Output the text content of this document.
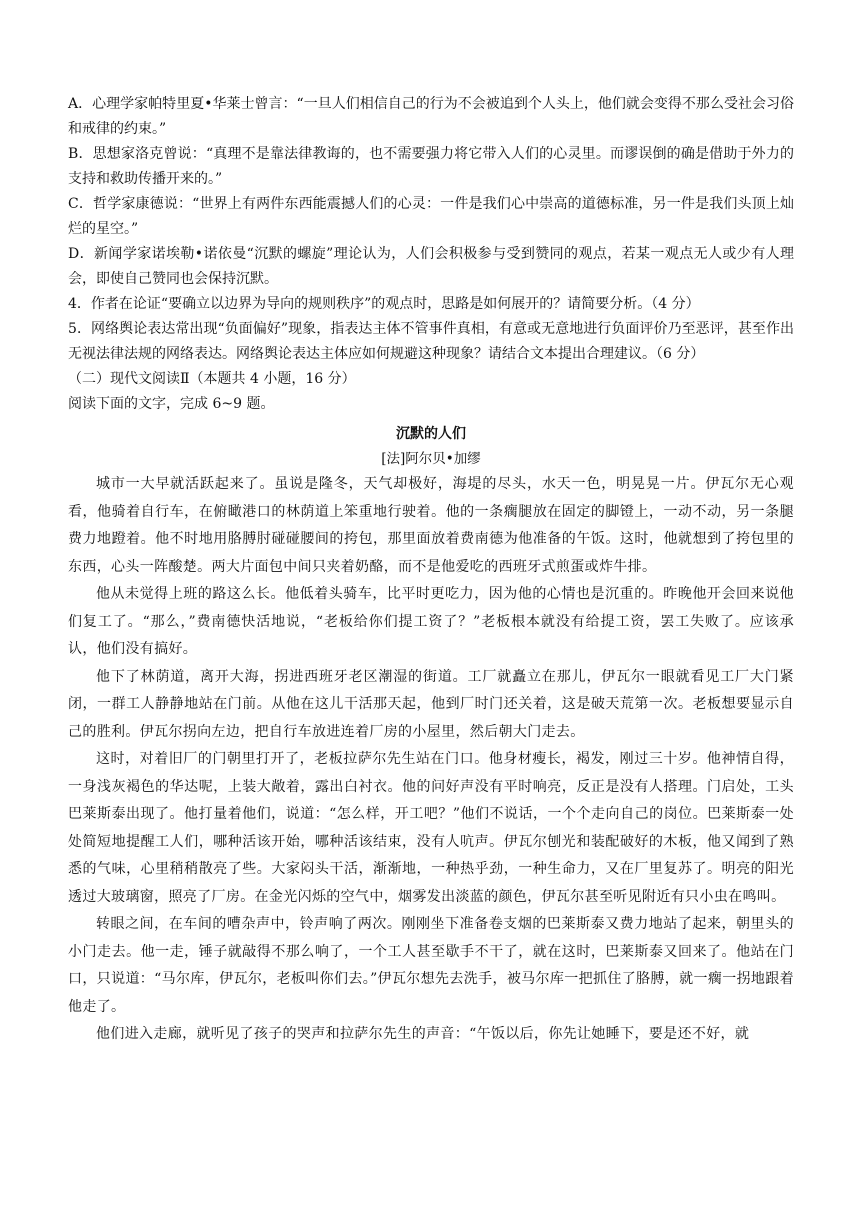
A．心理学家帕特里夏•华莱士曾言：“一旦人们相信自己的行为不会被追到个人头上，他们就会变得不那么受社会习俗和戒律的约束。”

B．思想家洛克曾说：“真理不是靠法律教诲的，也不需要强力将它带入人们的心灵里。而谬误倒的确是借助于外力的支持和救助传播开来的。”

C．哲学家康德说：“世界上有两件东西能震撼人们的心灵：一件是我们心中崇高的道德标准，另一件是我们头顶上灿烂的星空。”

D．新闻学家诺埃勒•诺依曼“沉默的螺旋”理论认为，人们会积极参与受到赞同的观点，若某一观点无人或少有人理会，即使自己赞同也会保持沉默。

4．作者在论证“要确立以边界为导向的规则秩序”的观点时，思路是如何展开的？请简要分析。（4 分）

5．网络舆论表达常出现“负面偏好”现象，指表达主体不管事件真相，有意或无意地进行负面评价乃至恶评，甚至作出无视法律法规的网络表达。网络舆论表达主体应如何规避这种现象？请结合文本提出合理建议。（6 分）

（二）现代文阅读Ⅱ（本题共 4 小题，16 分）

阅读下面的文字，完成 6~9 题。

沉默的人们

[法]阿尔贝•加缪

城市一大早就活跃起来了。虽说是隆冬，天气却极好，海堤的尽头，水天一色，明晃晃一片。伊瓦尔无心观看，他骑着自行车，在俯瞰港口的林荫道上笨重地行驶着。他的一条瘸腿放在固定的脚镫上，一动不动，另一条腿费力地蹬着。他不时地用胳膊肘碰碰腰间的挎包，那里面放着费南德为他准备的午饭。这时，他就想到了挎包里的东西，心头一阵酸楚。两大片面包中间只夹着奶酪，而不是他爱吃的西班牙式煎蛋或炸牛排。

他从未觉得上班的路这么长。他低着头骑车，比平时更吃力，因为他的心情也是沉重的。昨晚他开会回来说他们复工了。“那么，”费南德快活地说，“老板给你们提工资了？”老板根本就没有给提工资，罢工失败了。应该承认，他们没有搞好。

他下了林荫道，离开大海，拐进西班牙老区潮湿的街道。工厂就矗立在那儿，伊瓦尔一眼就看见工厂大门紧闭，一群工人静静地站在门前。从他在这儿干活那天起，他到厂时门还关着，这是破天荒第一次。老板想要显示自己的胜利。伊瓦尔拐向左边，把自行车放进连着厂房的小屋里，然后朝大门走去。

这时，对着旧厂的门朝里打开了，老板拉萨尔先生站在门口。他身材瘦长，褐发，刚过三十岁。他神情自得，一身浅灰褐色的华达呢，上装大敞着，露出白衬衣。他的问好声没有平时响亮，反正是没有人搭理。门启处，工头巴莱斯泰出现了。他打量着他们，说道：“怎么样，开工吧？”他们不说话，一个个走向自己的岗位。巴莱斯泰一处处简短地提醒工人们，哪种活该开始，哪种活该结束，没有人吭声。伊瓦尔刨光和装配破好的木板，他又闻到了熟悉的气味，心里稍稍散亮了些。大家闷头干活，渐渐地，一种热乎劲，一种生命力，又在厂里复苏了。明亮的阳光透过大玻璃窗，照亮了厂房。在金光闪烁的空气中，烟雾发出淡蓝的颜色，伊瓦尔甚至听见附近有只小虫在鸣叫。

转眼之间，在车间的嘈杂声中，铃声响了两次。刚刚坐下准备卷支烟的巴莱斯泰又费力地站了起来，朝里头的小门走去。他一走，锤子就敲得不那么响了，一个工人甚至歇手不干了，就在这时，巴莱斯泰又回来了。他站在门口，只说道：“马尔库，伊瓦尔，老板叫你们去。”伊瓦尔想先去洗手，被马尔库一把抓住了胳膊，就一瘸一拐地跟着他走了。

他们进入走廊，就听见了孩子的哭声和拉萨尔先生的声音：“午饭以后，你先让她睡下，要是还不好，就
